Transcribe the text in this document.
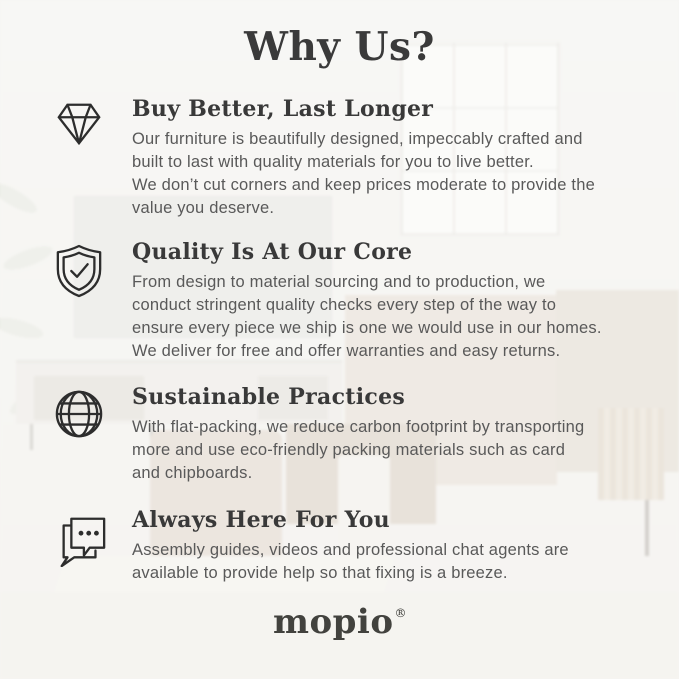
Why Us?
Buy Better, Last Longer
Our furniture is beautifully designed, impeccably crafted and
built to last with quality materials for you to live better.
We don’t cut corners and keep prices moderate to provide the
value you deserve.
Quality Is At Our Core
From design to material sourcing and to production, we
conduct stringent quality checks every step of the way to
ensure every piece we ship is one we would use in our homes.
We deliver for free and offer warranties and easy returns.
Sustainable Practices
With flat-packing, we reduce carbon footprint by transporting
more and use eco-friendly packing materials such as card
and chipboards.
Always Here For You
Assembly guides, videos and professional chat agents are
available to provide help so that fixing is a breeze.
mopio®
